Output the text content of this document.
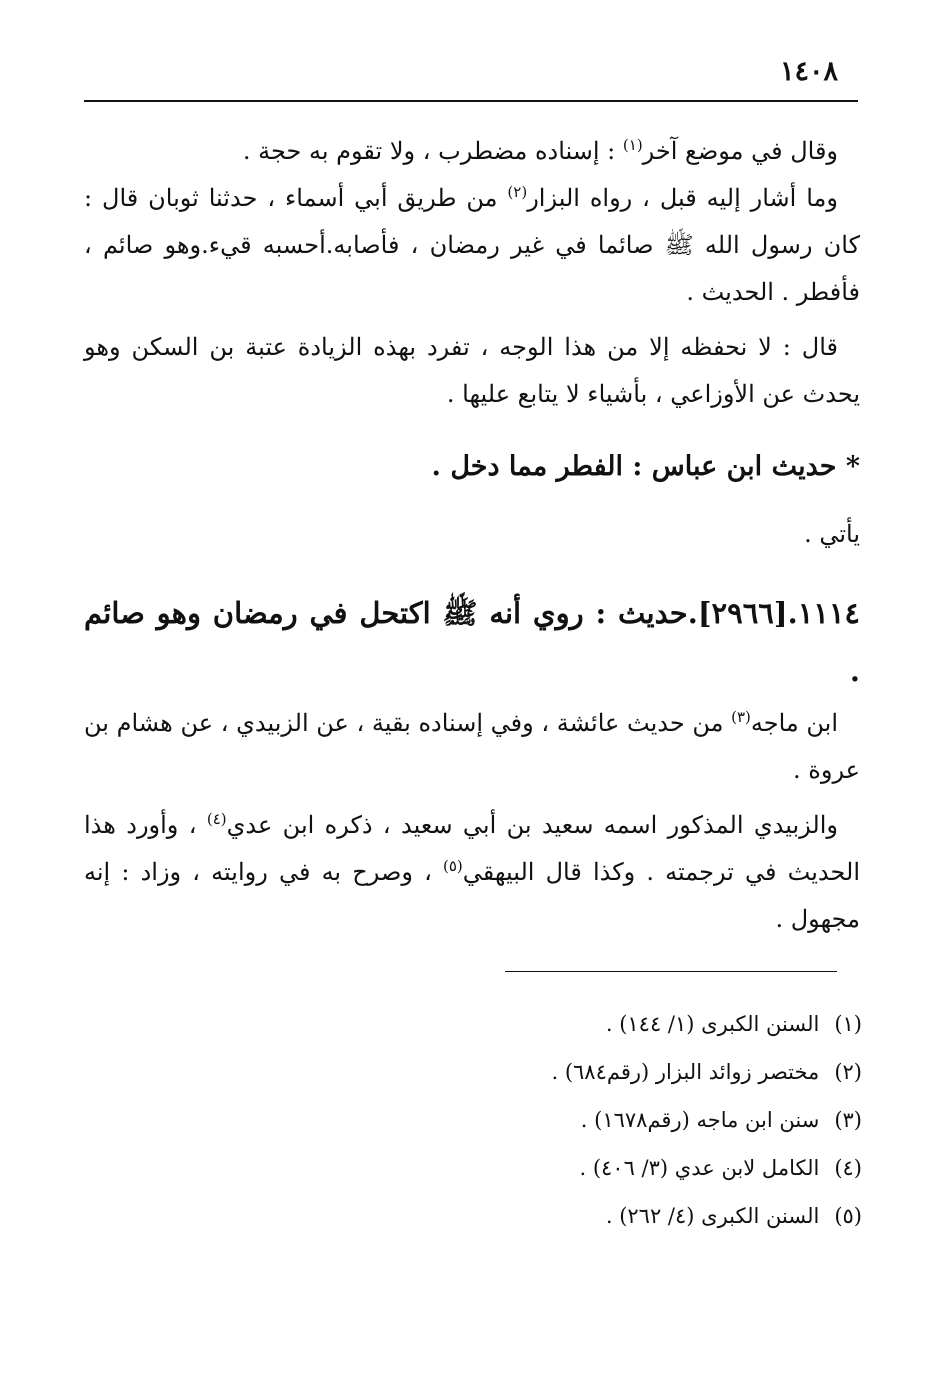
١٤٠٨

وقال في موضع آخر$^{(١)}$ : إسناده مضطرب ، ولا تقوم به حجة .

وما أشار إليه قبل ، رواه البزار$^{(٢)}$ من طريق أبي أسماء ، حدثنا ثوبان قال : كان رسول الله ﷺ صائما في غير رمضان ، فأصابه.أحسبه قيء.وهو صائم ، فأفطر . الحديث .

قال : لا نحفظه إلا من هذا الوجه ، تفرد بهذه الزيادة عتبة بن السكن وهو يحدث عن الأوزاعي ، بأشياء لا يتابع عليها .

* حديث ابن عباس : الفطر مما دخل .

يأتي .

١١١٤.[٢٩٦٦].حديث : روي أنه ﷺ اكتحل في رمضان وهو صائم .

ابن ماجه$^{(٣)}$ من حديث عائشة ، وفي إسناده بقية ، عن الزبيدي ، عن هشام بن عروة .

والزبيدي المذكور اسمه سعيد بن أبي سعيد ، ذكره ابن عدي$^{(٤)}$ ، وأورد هذا الحديث في ترجمته . وكذا قال البيهقي$^{(٥)}$ ، وصرح به في روايته ، وزاد : إنه مجهول .

(١) السنن الكبرى (١/ ١٤٤) .

(٢) مختصر زوائد البزار (رقم٦٨٤) .

(٣) سنن ابن ماجه (رقم١٦٧٨) .

(٤) الكامل لابن عدي (٣/ ٤٠٦) .

(٥) السنن الكبرى (٤/ ٢٦٢) .
